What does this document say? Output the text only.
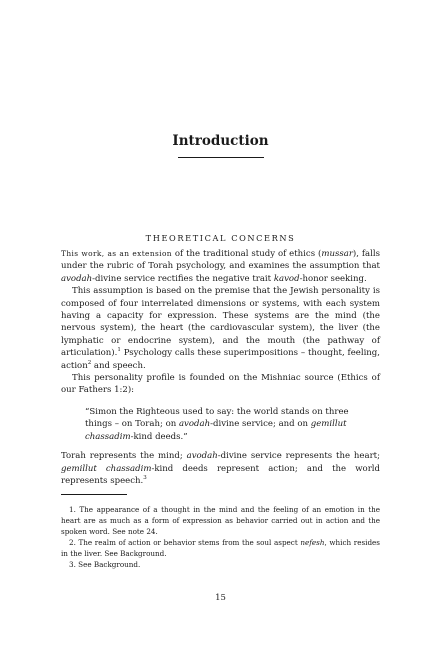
Introduction
THEORETICAL CONCERNS

This work, as an extension of the traditional study of ethics (mussar), falls under the rubric of Torah psychology, and examines the assumption that avodah-divine service rectifies the negative trait kavod-honor seeking.

This assumption is based on the premise that the Jewish personality is composed of four interrelated dimensions or systems, with each system having a capacity for expression. These systems are the mind (the nervous system), the heart (the cardiovascular system), the liver (the lymphatic or endocrine system), and the mouth (the pathway of articulation).$^1$ Psychology calls these superimpositions – thought, feeling, action$^2$ and speech.

This personality profile is founded on the Mishniac source (Ethics of our Fathers 1:2):

“Simon the Righteous used to say: the world stands on three things – on Torah; on avodah-divine service; and on gemillut chassadim-kind deeds.”

Torah represents the mind; avodah-divine service represents the heart; gemillut chassadim-kind deeds represent action; and the world represents speech.$^3$

1. The appearance of a thought in the mind and the feeling of an emotion in the heart are as much as a form of expression as behavior carried out in action and the spoken word. See note 24.

2. The realm of action or behavior stems from the soul aspect nefesh, which resides in the liver. See Background.

3. See Background.

15
